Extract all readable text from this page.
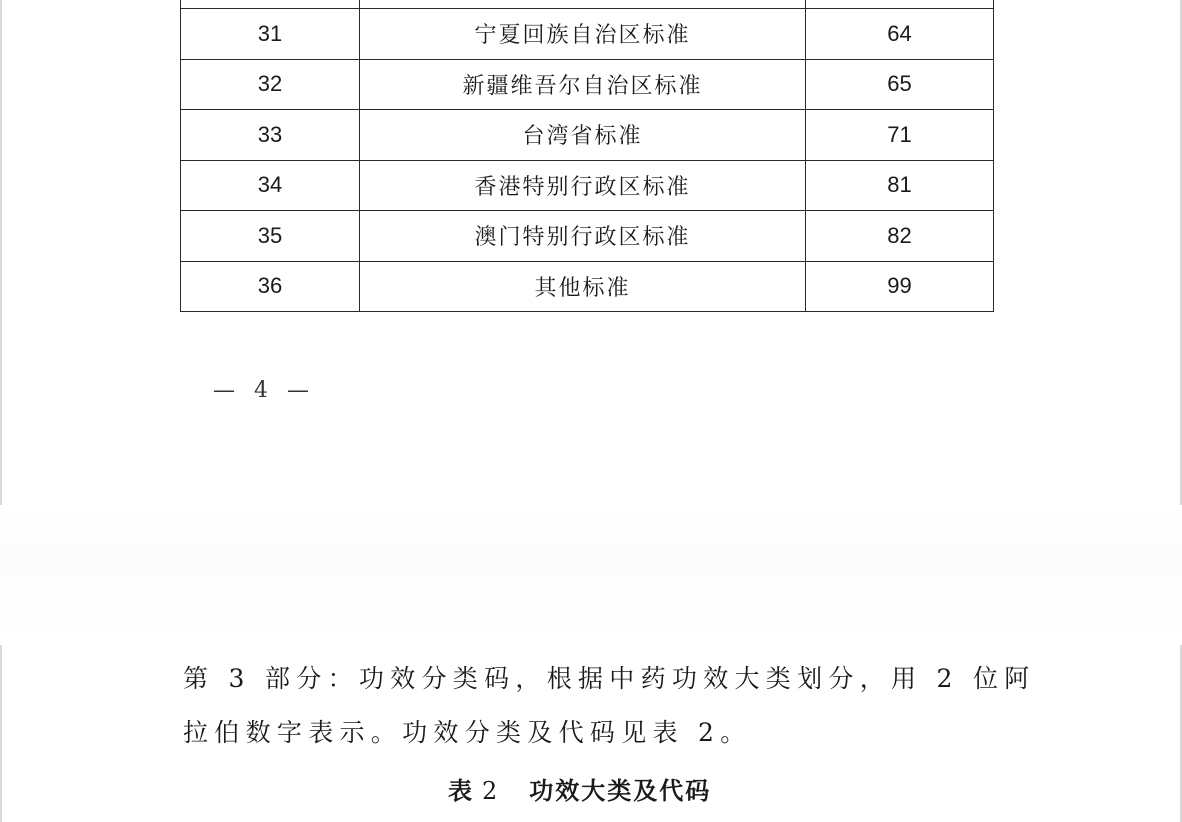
31	宁夏回族自治区标准	64
32	新疆维吾尔自治区标准	65
33	台湾省标准	71
34	香港特别行政区标准	81
35	澳门特别行政区标准	82
36	其他标准	99
— 4 —
第 3 部分：功效分类码，根据中药功效大类划分，用 2 位阿
拉伯数字表示。功效分类及代码见表 2。
表 2 功效大类及代码
